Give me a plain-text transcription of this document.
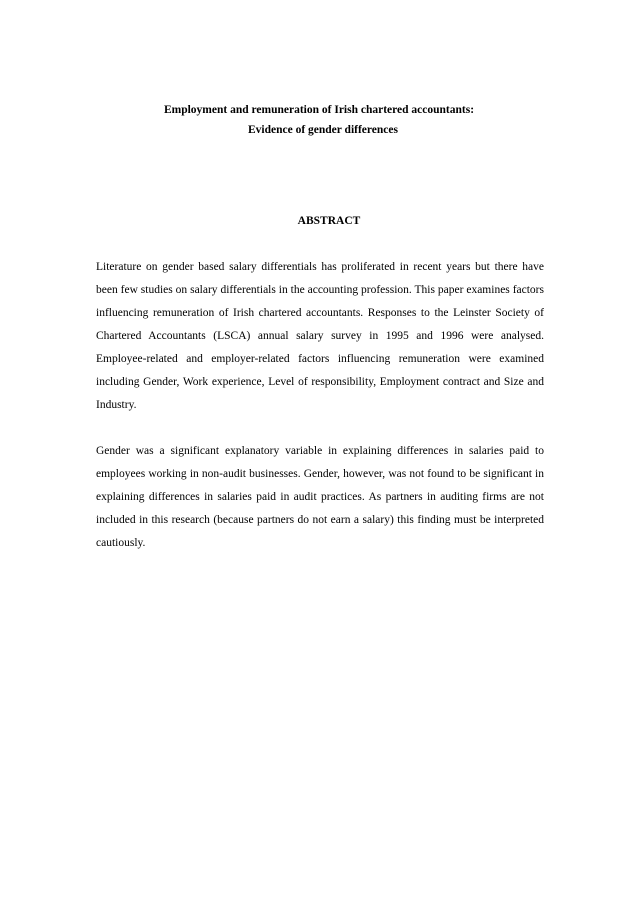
Employment and remuneration of Irish chartered accountants:
Evidence of gender differences
ABSTRACT

Literature on gender based salary differentials has proliferated in recent years but there have been few studies on salary differentials in the accounting profession. This paper examines factors influencing remuneration of Irish chartered accountants. Responses to the Leinster Society of Chartered Accountants (LSCA) annual salary survey in 1995 and 1996 were analysed. Employee-related and employer-related factors influencing remuneration were examined including Gender, Work experience, Level of responsibility, Employment contract and Size and Industry.

Gender was a significant explanatory variable in explaining differences in salaries paid to employees working in non-audit businesses. Gender, however, was not found to be significant in explaining differences in salaries paid in audit practices. As partners in auditing firms are not included in this research (because partners do not earn a salary) this finding must be interpreted cautiously.
